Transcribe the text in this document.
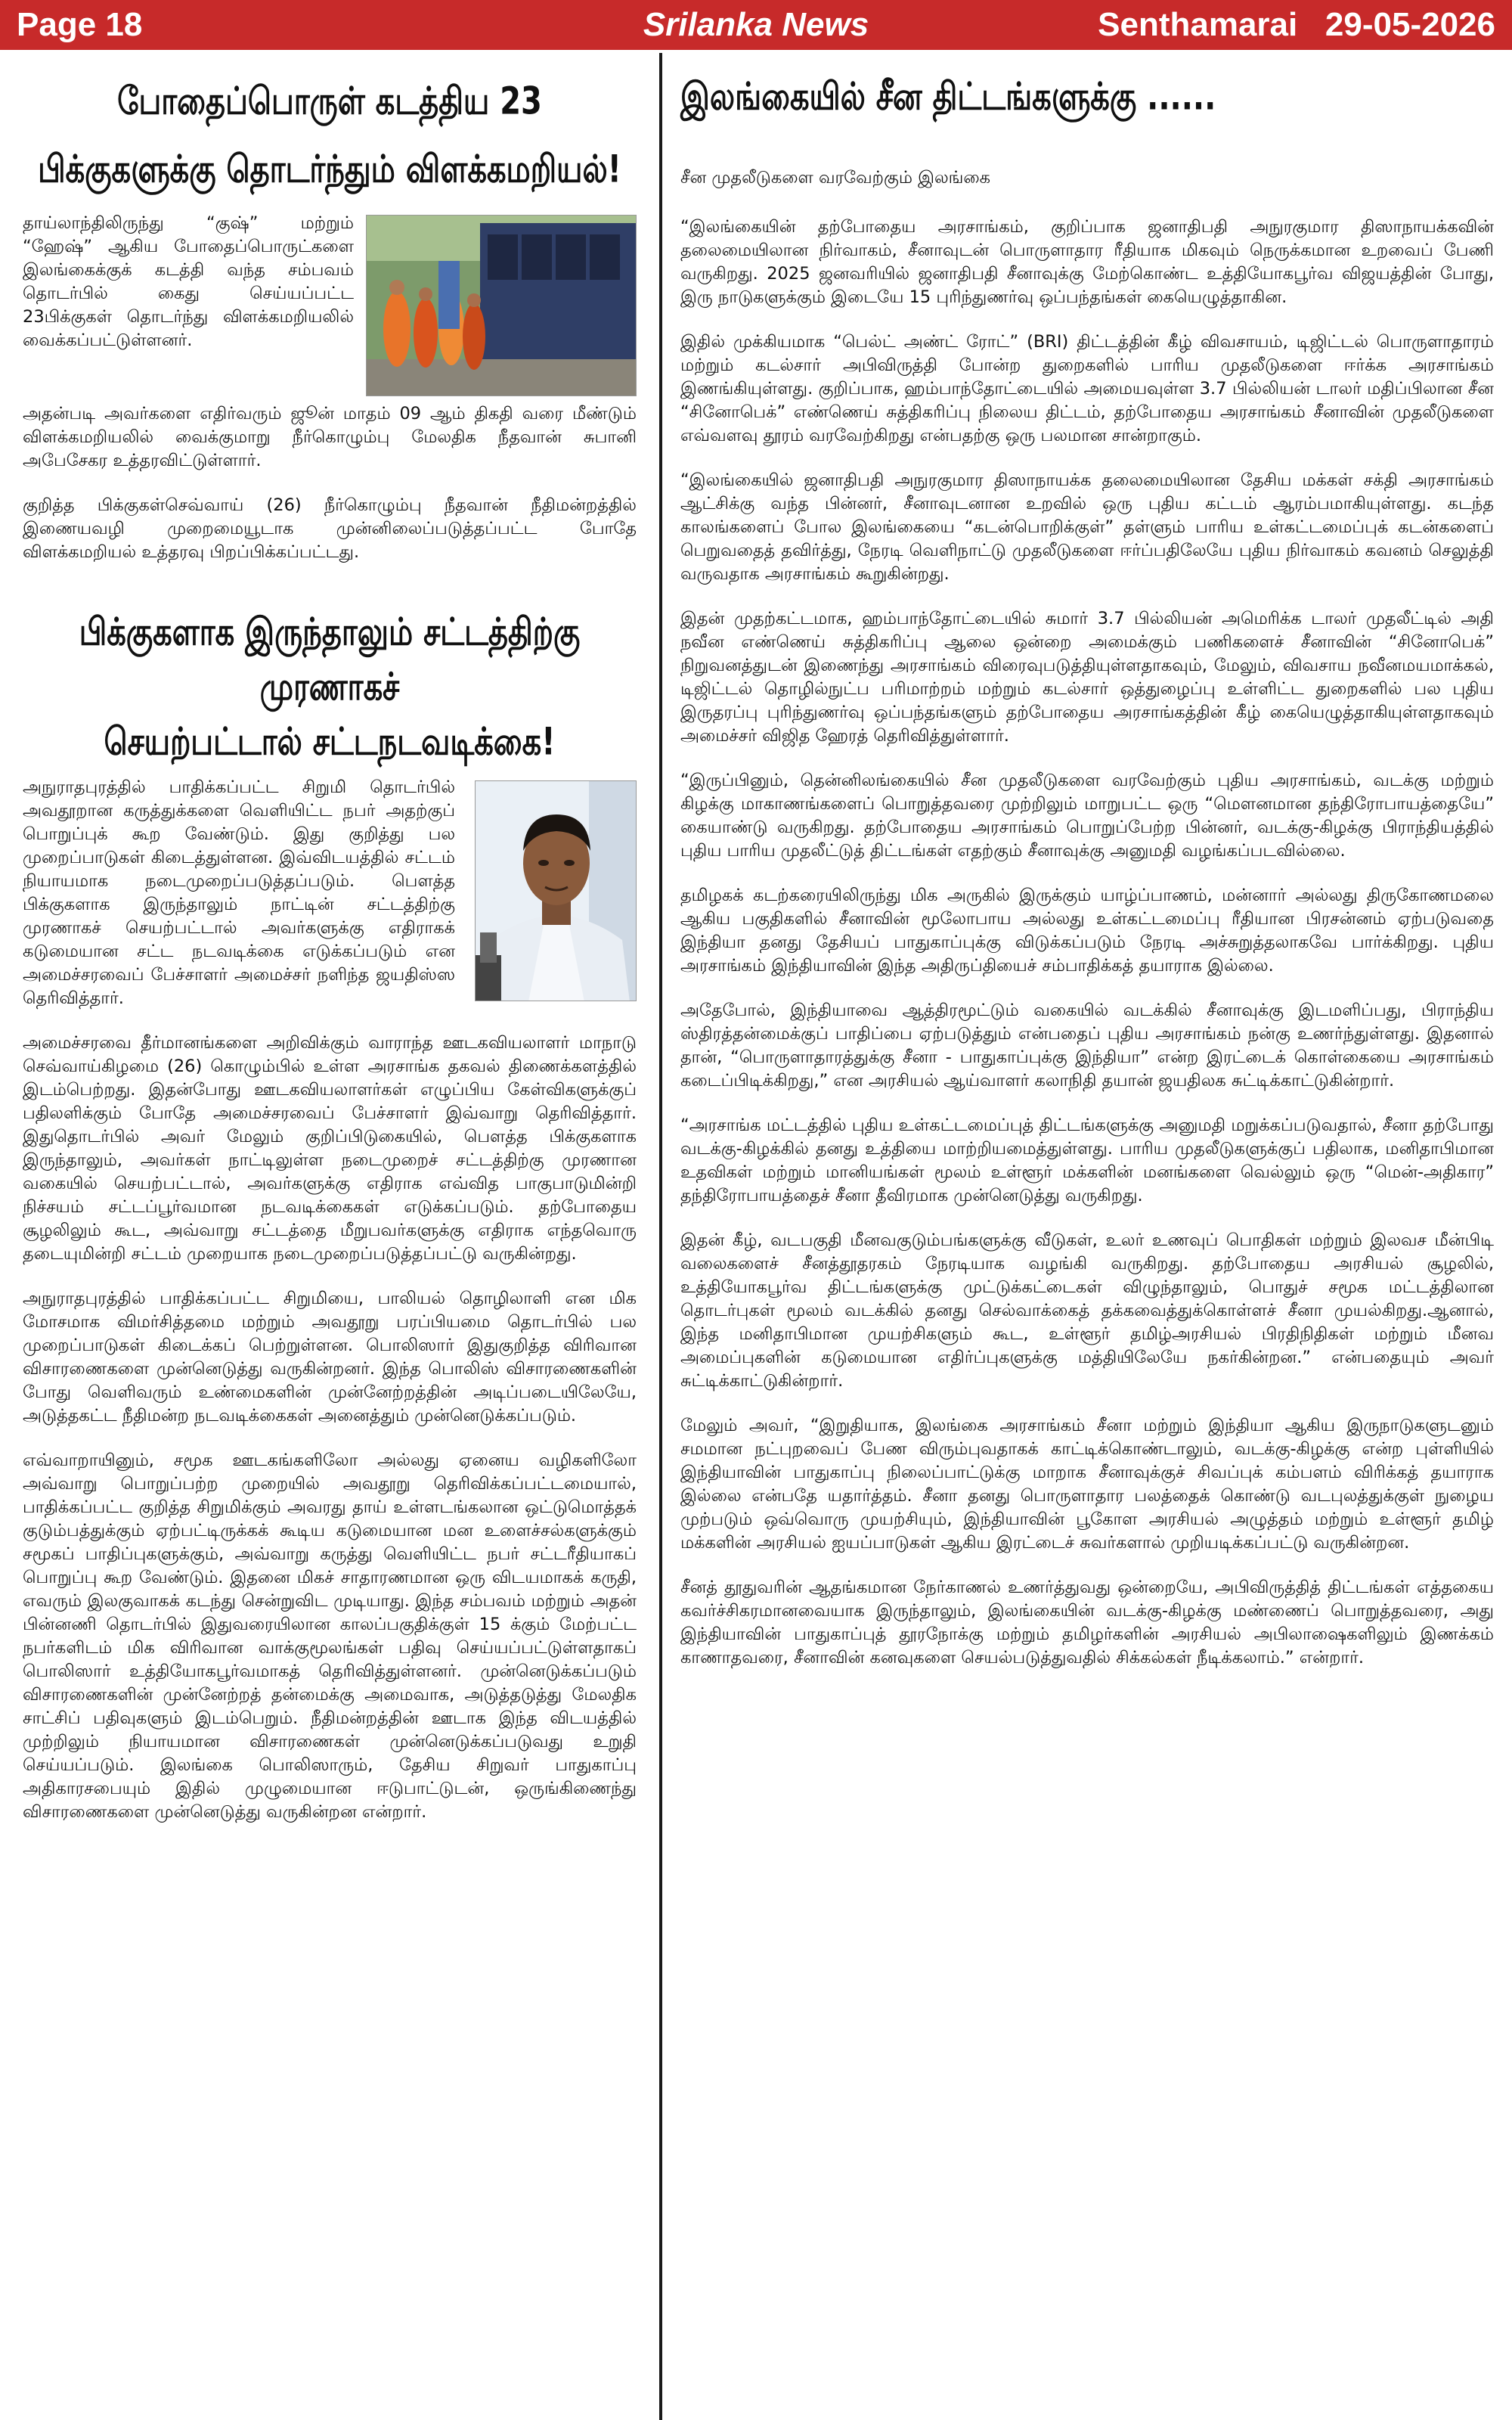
Srilanka News
Page 18	Senthamarai 29-05-2026
போதைப்பொருள் கடத்திய 23
பிக்குகளுக்கு தொடர்ந்தும் விளக்கமறியல்!
தாய்லாந்திலிருந்து “குஷ்” மற்றும் “ஹேஷ்” ஆகிய போதைப்பொருட்களை இலங்கைக்குக் கடத்தி வந்த சம்பவம் தொடர்பில் கைது செய்யப்பட்ட 23பிக்குகள் தொடர்ந்து விளக்கமறியலில் வைக்கப்பட்டுள்ளனர்.
அதன்படி அவர்களை எதிர்வரும் ஜூன் மாதம் 09 ஆம் திகதி வரை மீண்டும் விளக்கமறியலில் வைக்குமாறு நீர்கொழும்பு மேலதிக நீதவான் சுபானி அபேசேகர உத்தரவிட்டுள்ளார்.
குறித்த பிக்குகள்செவ்வாய் (26) நீர்கொழும்பு நீதவான் நீதிமன்றத்தில் இணையவழி முறைமையூடாக முன்னிலைப்படுத்தப்பட்ட போதே விளக்கமறியல் உத்தரவு பிறப்பிக்கப்பட்டது.
பிக்குகளாக இருந்தாலும் சட்டத்திற்கு முரணாகச்
செயற்பட்டால் சட்டநடவடிக்கை!
அநுராதபுரத்தில் பாதிக்கப்பட்ட சிறுமி தொடர்பில் அவதூறான கருத்துக்களை வெளியிட்ட நபர் அதற்குப் பொறுப்புக் கூற வேண்டும். இது குறித்து பல முறைப்பாடுகள் கிடைத்துள்ளன. இவ்விடயத்தில் சட்டம் நியாயமாக நடைமுறைப்படுத்தப்படும். பௌத்த பிக்குகளாக இருந்தாலும் நாட்டின் சட்டத்திற்கு முரணாகச் செயற்பட்டால் அவர்களுக்கு எதிராகக் கடுமையான சட்ட நடவடிக்கை எடுக்கப்படும் என அமைச்சரவைப் பேச்சாளர் அமைச்சர் நளிந்த ஜயதிஸ்ஸ தெரிவித்தார்.
அமைச்சரவை தீர்மானங்களை அறிவிக்கும் வாராந்த ஊடகவியலாளர் மாநாடு செவ்வாய்கிழமை (26) கொழும்பில் உள்ள அரசாங்க தகவல் திணைக்களத்தில் இடம்பெற்றது. இதன்போது ஊடகவியலாளர்கள் எழுப்பிய கேள்விகளுக்குப் பதிலளிக்கும் போதே அமைச்சரவைப் பேச்சாளர் இவ்வாறு தெரிவித்தார். இதுதொடர்பில் அவர் மேலும் குறிப்பிடுகையில், பௌத்த பிக்குகளாக இருந்தாலும், அவர்கள் நாட்டிலுள்ள நடைமுறைச் சட்டத்திற்கு முரணான வகையில் செயற்பட்டால், அவர்களுக்கு எதிராக எவ்வித பாகுபாடுமின்றி நிச்சயம் சட்டப்பூர்வமான நடவடிக்கைகள் எடுக்கப்படும். தற்போதைய சூழலிலும் கூட, அவ்வாறு சட்டத்தை மீறுபவர்களுக்கு எதிராக எந்தவொரு தடையுமின்றி சட்டம் முறையாக நடைமுறைப்படுத்தப்பட்டு வருகின்றது.
அநுராதபுரத்தில் பாதிக்கப்பட்ட சிறுமியை, பாலியல் தொழிலாளி என மிக மோசமாக விமர்சித்தமை மற்றும் அவதூறு பரப்பியமை தொடர்பில் பல முறைப்பாடுகள் கிடைக்கப் பெற்றுள்ளன. பொலிஸார் இதுகுறித்த விரிவான விசாரணைகளை முன்னெடுத்து வருகின்றனர். இந்த பொலிஸ் விசாரணைகளின் போது வெளிவரும் உண்மைகளின் முன்னேற்றத்தின் அடிப்படையிலேயே, அடுத்தகட்ட நீதிமன்ற நடவடிக்கைகள் அனைத்தும் முன்னெடுக்கப்படும்.
எவ்வாறாயினும், சமூக ஊடகங்களிலோ அல்லது ஏனைய வழிகளிலோ அவ்வாறு பொறுப்பற்ற முறையில் அவதூறு தெரிவிக்கப்பட்டமையால், பாதிக்கப்பட்ட குறித்த சிறுமிக்கும் அவரது தாய் உள்ளடங்கலான ஒட்டுமொத்தக் குடும்பத்துக்கும் ஏற்பட்டிருக்கக் கூடிய கடுமையான மன உளைச்சல்களுக்கும் சமூகப் பாதிப்புகளுக்கும், அவ்வாறு கருத்து வெளியிட்ட நபர் சட்டரீதியாகப் பொறுப்பு கூற வேண்டும். இதனை மிகச் சாதாரணமான ஒரு விடயமாகக் கருதி, எவரும் இலகுவாகக் கடந்து சென்றுவிட முடியாது. இந்த சம்பவம் மற்றும் அதன் பின்னணி தொடர்பில் இதுவரையிலான காலப்பகுதிக்குள் 15 க்கும் மேற்பட்ட நபர்களிடம் மிக விரிவான வாக்குமூலங்கள் பதிவு செய்யப்பட்டுள்ளதாகப் பொலிஸார் உத்தியோகபூர்வமாகத் தெரிவித்துள்ளனர். முன்னெடுக்கப்படும் விசாரணைகளின் முன்னேற்றத் தன்மைக்கு அமைவாக, அடுத்தடுத்து மேலதிக சாட்சிப் பதிவுகளும் இடம்பெறும். நீதிமன்றத்தின் ஊடாக இந்த விடயத்தில் முற்றிலும் நியாயமான விசாரணைகள் முன்னெடுக்கப்படுவது உறுதி செய்யப்படும். இலங்கை பொலிஸாரும், தேசிய சிறுவர் பாதுகாப்பு அதிகாரசபையும் இதில் முழுமையான ஈடுபாட்டுடன், ஒருங்கிணைந்து விசாரணைகளை முன்னெடுத்து வருகின்றன என்றார்.
இலங்கையில் சீன திட்டங்களுக்கு ......
சீன முதலீடுகளை வரவேற்கும் இலங்கை
“இலங்கையின் தற்போதைய அரசாங்கம், குறிப்பாக ஜனாதிபதி அநுரகுமார திஸாநாயக்கவின் தலைமையிலான நிர்வாகம், சீனாவுடன் பொருளாதார ரீதியாக மிகவும் நெருக்கமான உறவைப் பேணி வருகிறது. 2025 ஜனவரியில் ஜனாதிபதி சீனாவுக்கு மேற்கொண்ட உத்தியோகபூர்வ விஜயத்தின் போது, இரு நாடுகளுக்கும் இடையே 15 புரிந்துணர்வு ஒப்பந்தங்கள் கையெழுத்தாகின.
இதில் முக்கியமாக “பெல்ட் அண்ட் ரோட்” (BRI) திட்டத்தின் கீழ் விவசாயம், டிஜிட்டல் பொருளாதாரம் மற்றும் கடல்சார் அபிவிருத்தி போன்ற துறைகளில் பாரிய முதலீடுகளை ஈர்க்க அரசாங்கம் இணங்கியுள்ளது. குறிப்பாக, ஹம்பாந்தோட்டையில் அமையவுள்ள 3.7 பில்லியன் டாலர் மதிப்பிலான சீன “சினோபெக்” எண்ணெய் சுத்திகரிப்பு நிலைய திட்டம், தற்போதைய அரசாங்கம் சீனாவின் முதலீடுகளை எவ்வளவு தூரம் வரவேற்கிறது என்பதற்கு ஒரு பலமான சான்றாகும்.
“இலங்கையில் ஜனாதிபதி அநுரகுமார திஸாநாயக்க தலைமையிலான தேசிய மக்கள் சக்தி அரசாங்கம் ஆட்சிக்கு வந்த பின்னர், சீனாவுடனான உறவில் ஒரு புதிய கட்டம் ஆரம்பமாகியுள்ளது. கடந்த காலங்களைப் போல இலங்கையை “கடன்பொறிக்குள்” தள்ளும் பாரிய உள்கட்டமைப்புக் கடன்களைப் பெறுவதைத் தவிர்த்து, நேரடி வெளிநாட்டு முதலீடுகளை ஈர்ப்பதிலேயே புதிய நிர்வாகம் கவனம் செலுத்தி வருவதாக அரசாங்கம் கூறுகின்றது.
இதன் முதற்கட்டமாக, ஹம்பாந்தோட்டையில் சுமார் 3.7 பில்லியன் அமெரிக்க டாலர் முதலீட்டில் அதி நவீன எண்ணெய் சுத்திகரிப்பு ஆலை ஒன்றை அமைக்கும் பணிகளைச் சீனாவின் “சினோபெக்” நிறுவனத்துடன் இணைந்து அரசாங்கம் விரைவுபடுத்தியுள்ளதாகவும், மேலும், விவசாய நவீனமயமாக்கல், டிஜிட்டல் தொழில்நுட்ப பரிமாற்றம் மற்றும் கடல்சார் ஒத்துழைப்பு உள்ளிட்ட துறைகளில் பல புதிய இருதரப்பு புரிந்துணர்வு ஒப்பந்தங்களும் தற்போதைய அரசாங்கத்தின் கீழ் கையெழுத்தாகியுள்ளதாகவும் அமைச்சர் விஜித ஹேரத் தெரிவித்துள்ளார்.
“இருப்பினும், தென்னிலங்கையில் சீன முதலீடுகளை வரவேற்கும் புதிய அரசாங்கம், வடக்கு மற்றும் கிழக்கு மாகாணங்களைப் பொறுத்தவரை முற்றிலும் மாறுபட்ட ஒரு “மௌனமான தந்திரோபாயத்தையே” கையாண்டு வருகிறது. தற்போதைய அரசாங்கம் பொறுப்பேற்ற பின்னர், வடக்கு-கிழக்கு பிராந்தியத்தில் புதிய பாரிய முதலீட்டுத் திட்டங்கள் எதற்கும் சீனாவுக்கு அனுமதி வழங்கப்படவில்லை.
தமிழகக் கடற்கரையிலிருந்து மிக அருகில் இருக்கும் யாழ்ப்பாணம், மன்னார் அல்லது திருகோணமலை ஆகிய பகுதிகளில் சீனாவின் மூலோபாய அல்லது உள்கட்டமைப்பு ரீதியான பிரசன்னம் ஏற்படுவதை இந்தியா தனது தேசியப் பாதுகாப்புக்கு விடுக்கப்படும் நேரடி அச்சுறுத்தலாகவே பார்க்கிறது. புதிய அரசாங்கம் இந்தியாவின் இந்த அதிருப்தியைச் சம்பாதிக்கத் தயாராக இல்லை.
அதேபோல், இந்தியாவை ஆத்திரமூட்டும் வகையில் வடக்கில் சீனாவுக்கு இடமளிப்பது, பிராந்திய ஸ்திரத்தன்மைக்குப் பாதிப்பை ஏற்படுத்தும் என்பதைப் புதிய அரசாங்கம் நன்கு உணர்ந்துள்ளது. இதனால் தான், “பொருளாதாரத்துக்கு சீனா - பாதுகாப்புக்கு இந்தியா” என்ற இரட்டைக் கொள்கையை அரசாங்கம் கடைப்பிடிக்கிறது,” என அரசியல் ஆய்வாளர் கலாநிதி தயான் ஜயதிலக சுட்டிக்காட்டுகின்றார்.
“அரசாங்க மட்டத்தில் புதிய உள்கட்டமைப்புத் திட்டங்களுக்கு அனுமதி மறுக்கப்படுவதால், சீனா தற்போது வடக்கு-கிழக்கில் தனது உத்தியை மாற்றியமைத்துள்ளது. பாரிய முதலீடுகளுக்குப் பதிலாக, மனிதாபிமான உதவிகள் மற்றும் மானியங்கள் மூலம் உள்ளூர் மக்களின் மனங்களை வெல்லும் ஒரு “மென்-அதிகார” தந்திரோபாயத்தைச் சீனா தீவிரமாக முன்னெடுத்து வருகிறது.
இதன் கீழ், வடபகுதி மீனவகுடும்பங்களுக்கு வீடுகள், உலர் உணவுப் பொதிகள் மற்றும் இலவச மீன்பிடி வலைகளைச் சீனத்தூதரகம் நேரடியாக வழங்கி வருகிறது. தற்போதைய அரசியல் சூழலில், உத்தியோகபூர்வ திட்டங்களுக்கு முட்டுக்கட்டைகள் விழுந்தாலும், பொதுச் சமூக மட்டத்திலான தொடர்புகள் மூலம் வடக்கில் தனது செல்வாக்கைத் தக்கவைத்துக்கொள்ளச் சீனா முயல்கிறது.ஆனால், இந்த மனிதாபிமான முயற்சிகளும் கூட, உள்ளூர் தமிழ்அரசியல் பிரதிநிதிகள் மற்றும் மீனவ அமைப்புகளின் கடுமையான எதிர்ப்புகளுக்கு மத்தியிலேயே நகர்கின்றன.” என்பதையும் அவர் சுட்டிக்காட்டுகின்றார்.
மேலும் அவர், “இறுதியாக, இலங்கை அரசாங்கம் சீனா மற்றும் இந்தியா ஆகிய இருநாடுகளுடனும் சமமான நட்புறவைப் பேண விரும்புவதாகக் காட்டிக்கொண்டாலும், வடக்கு-கிழக்கு என்ற புள்ளியில் இந்தியாவின் பாதுகாப்பு நிலைப்பாட்டுக்கு மாறாக சீனாவுக்குச் சிவப்புக் கம்பளம் விரிக்கத் தயாராக இல்லை என்பதே யதார்த்தம். சீனா தனது பொருளாதார பலத்தைக் கொண்டு வடபுலத்துக்குள் நுழைய முற்படும் ஒவ்வொரு முயற்சியும், இந்தியாவின் பூகோள அரசியல் அழுத்தம் மற்றும் உள்ளூர் தமிழ் மக்களின் அரசியல் ஐயப்பாடுகள் ஆகிய இரட்டைச் சுவர்களால் முறியடிக்கப்பட்டு வருகின்றன.
சீனத் தூதுவரின் ஆதங்கமான நேர்காணல் உணர்த்துவது ஒன்றையே, அபிவிருத்தித் திட்டங்கள் எத்தகைய கவர்ச்சிகரமானவையாக இருந்தாலும், இலங்கையின் வடக்கு-கிழக்கு மண்ணைப் பொறுத்தவரை, அது இந்தியாவின் பாதுகாப்புத் தூரநோக்கு மற்றும் தமிழர்களின் அரசியல் அபிலாஷைகளிலும் இணக்கம் காணாதவரை, சீனாவின் கனவுகளை செயல்படுத்துவதில் சிக்கல்கள் நீடிக்கலாம்.” என்றார்.
